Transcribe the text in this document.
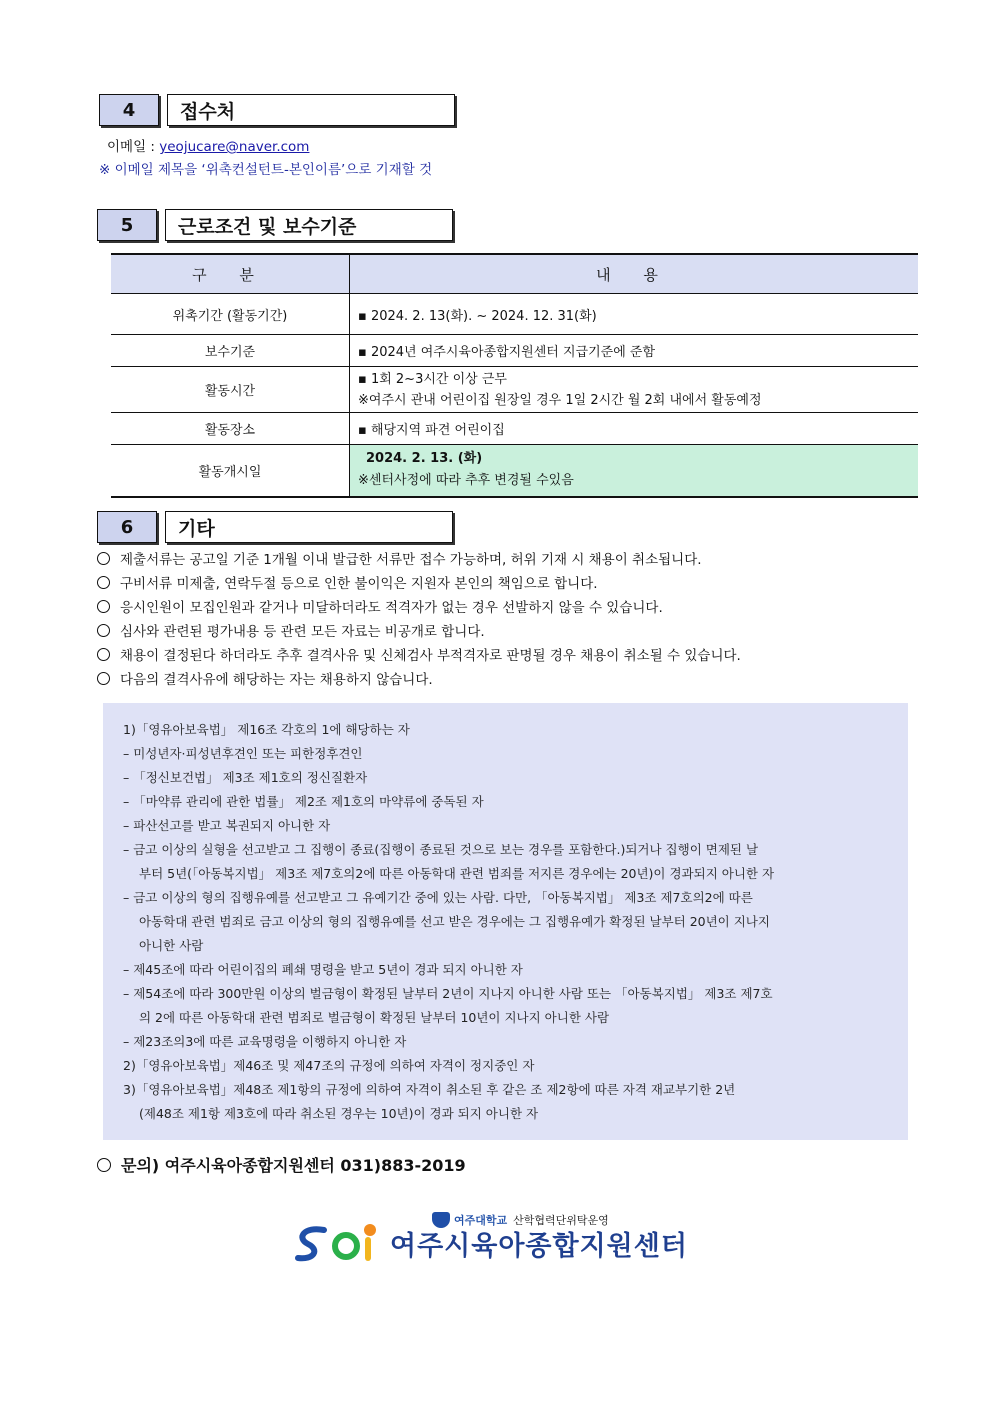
4	접수처
이메일 : yeojucare@naver.com
※ 이메일 제목을 ‘위촉컨설턴트-본인이름’으로 기재할 것
5	근로조건 및 보수기준
구 분	내 용
위촉기간 (활동기간)	▪ 2024. 2. 13(화). ~ 2024. 12. 31(화)
보수기준	▪ 2024년 여주시육아종합지원센터 지급기준에 준함
활동시간	▪ 1회 2~3시간 이상 근무
※여주시 관내 어린이집 원장일 경우 1일 2시간 월 2회 내에서 활동예정

활동장소	▪ 해당지역 파견 어린이집
활동개시일	2024. 2. 13. (화)
※센터사정에 따라 추후 변경될 수있음
6	기타
제출서류는 공고일 기준 1개월 이내 발급한 서류만 접수 가능하며, 허위 기재 시 채용이 취소됩니다.
구비서류 미제출, 연락두절 등으로 인한 불이익은 지원자 본인의 책임으로 합니다.
응시인원이 모집인원과 같거나 미달하더라도 적격자가 없는 경우 선발하지 않을 수 있습니다.
심사와 관련된 평가내용 등 관련 모든 자료는 비공개로 합니다.
채용이 결정된다 하더라도 추후 결격사유 및 신체검사 부적격자로 판명될 경우 채용이 취소될 수 있습니다.
다음의 결격사유에 해당하는 자는 채용하지 않습니다.
1)「영유아보육법」 제16조 각호의 1에 해당하는 자
– 미성년자·피성년후견인 또는 피한정후견인
– 「정신보건법」 제3조 제1호의 정신질환자
– 「마약류 관리에 관한 법률」 제2조 제1호의 마약류에 중독된 자
– 파산선고를 받고 복권되지 아니한 자
– 금고 이상의 실형을 선고받고 그 집행이 종료(집행이 종료된 것으로 보는 경우를 포함한다.)되거나 집행이 면제된 날
부터 5년(「아동복지법」 제3조 제7호의2에 따른 아동학대 관련 범죄를 저지른 경우에는 20년)이 경과되지 아니한 자
– 금고 이상의 형의 집행유예를 선고받고 그 유예기간 중에 있는 사람. 다만, 「아동복지법」 제3조 제7호의2에 따른
아동학대 관련 범죄로 금고 이상의 형의 집행유예를 선고 받은 경우에는 그 집행유예가 확정된 날부터 20년이 지나지
아니한 사람
– 제45조에 따라 어린이집의 폐쇄 명령을 받고 5년이 경과 되지 아니한 자
– 제54조에 따라 300만원 이상의 벌금형이 확정된 날부터 2년이 지나지 아니한 사람 또는 「아동복지법」 제3조 제7호
의 2에 따른 아동학대 관련 범죄로 벌금형이 확정된 날부터 10년이 지나지 아니한 사람
– 제23조의3에 따른 교육명령을 이행하지 아니한 자
2)「영유아보육법」제46조 및 제47조의 규정에 의하여 자격이 정지중인 자
3)「영유아보육법」제48조 제1항의 규정에 의하여 자격이 취소된 후 같은 조 제2항에 따른 자격 재교부기한 2년
(제48조 제1항 제3호에 따라 취소된 경우는 10년)이 경과 되지 아니한 자
문의) 여주시육아종합지원센터 031)883-2019
여주대학교 산학협력단위탁운영
여주시육아종합지원센터
